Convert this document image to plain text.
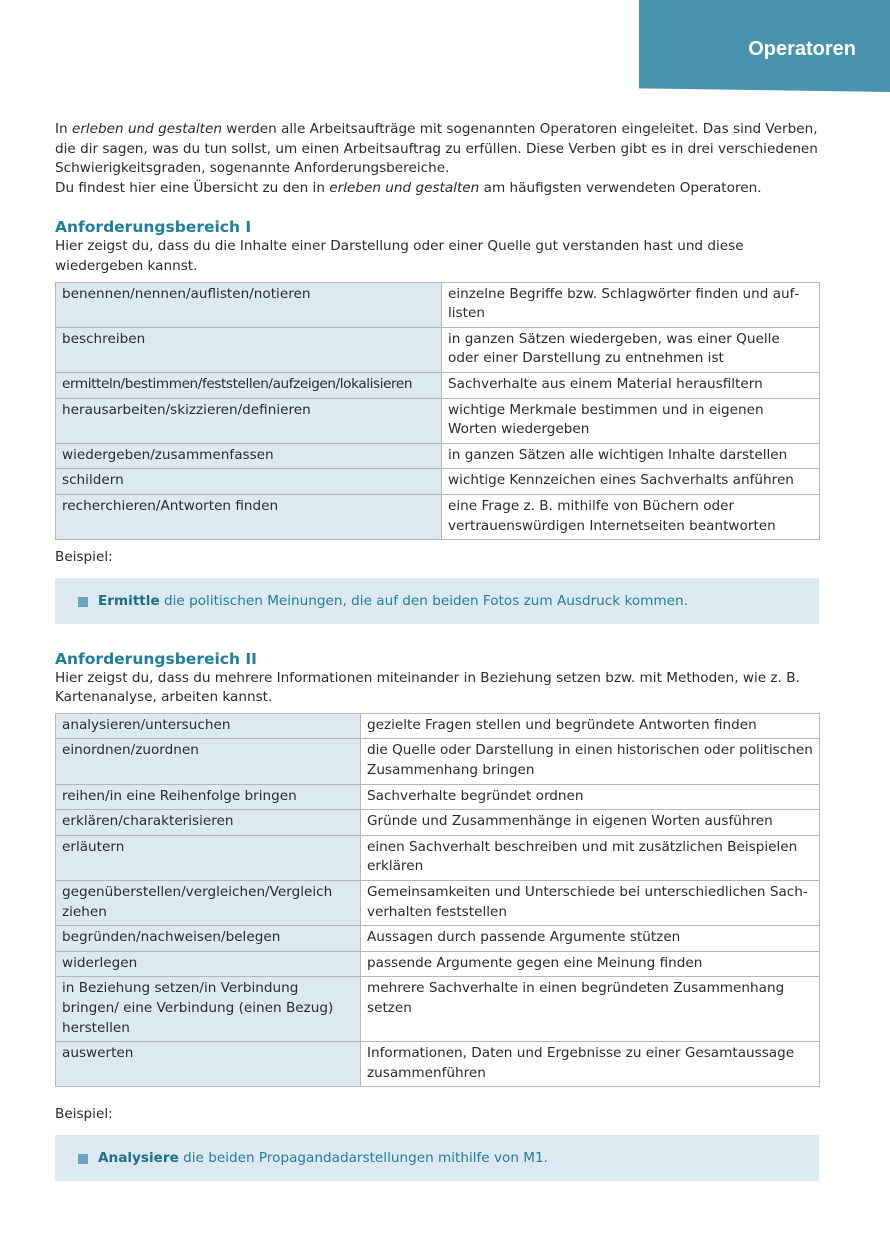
Operatoren

In erleben und gestalten werden alle Arbeitsaufträge mit sogenannten Operatoren eingeleitet. Das sind Verben, die dir sagen, was du tun sollst, um einen Arbeitsauftrag zu erfüllen. Diese Verben gibt es in drei verschiedenen Schwierigkeitsgraden, sogenannte Anforderungsbereiche.

Du findest hier eine Übersicht zu den in erleben und gestalten am häufigsten verwendeten Operatoren.

Anforderungsbereich I

Hier zeigst du, dass du die Inhalte einer Darstellung oder einer Quelle gut verstanden hast und diese wiedergeben kannst.

benennen/nennen/auflisten/notieren	einzelne Begriffe bzw. Schlagwörter finden und auflisten
beschreiben	in ganzen Sätzen wiedergeben, was einer Quelle oder einer Darstellung zu entnehmen ist
ermitteln/bestimmen/feststellen/aufzeigen/lokalisieren	Sachverhalte aus einem Material herausfiltern
herausarbeiten/skizzieren/definieren	wichtige Merkmale bestimmen und in eigenen Worten wiedergeben
wiedergeben/zusammenfassen	in ganzen Sätzen alle wichtigen Inhalte darstellen
schildern	wichtige Kennzeichen eines Sachverhalts anführen
recherchieren/Antworten finden	eine Frage z. B. mithilfe von Büchern oder vertrauenswürdigen Internetseiten beantworten
Beispiel:
Ermittle die politischen Meinungen, die auf den beiden Fotos zum Ausdruck kommen.
Anforderungsbereich II

Hier zeigst du, dass du mehrere Informationen miteinander in Beziehung setzen bzw. mit Methoden, wie z. B. Kartenanalyse, arbeiten kannst.

analysieren/untersuchen	gezielte Fragen stellen und begründete Antworten finden
einordnen/zuordnen	die Quelle oder Darstellung in einen historischen oder politischen Zusammenhang bringen
reihen/in eine Reihenfolge bringen	Sachverhalte begründet ordnen
erklären/charakterisieren	Gründe und Zusammenhänge in eigenen Worten ausführen
erläutern	einen Sachverhalt beschreiben und mit zusätzlichen Beispielen erklären
gegenüberstellen/vergleichen/Vergleich ziehen	Gemeinsamkeiten und Unterschiede bei unterschiedlichen Sachverhalten feststellen
begründen/nachweisen/belegen	Aussagen durch passende Argumente stützen
widerlegen	passende Argumente gegen eine Meinung finden
in Beziehung setzen/in Verbindung bringen/ eine Verbindung (einen Bezug) herstellen	mehrere Sachverhalte in einen begründeten Zusammenhang setzen
auswerten	Informationen, Daten und Ergebnisse zu einer Gesamtaussage zusammenführen
Beispiel:
Analysiere die beiden Propagandadarstellungen mithilfe von M1.
